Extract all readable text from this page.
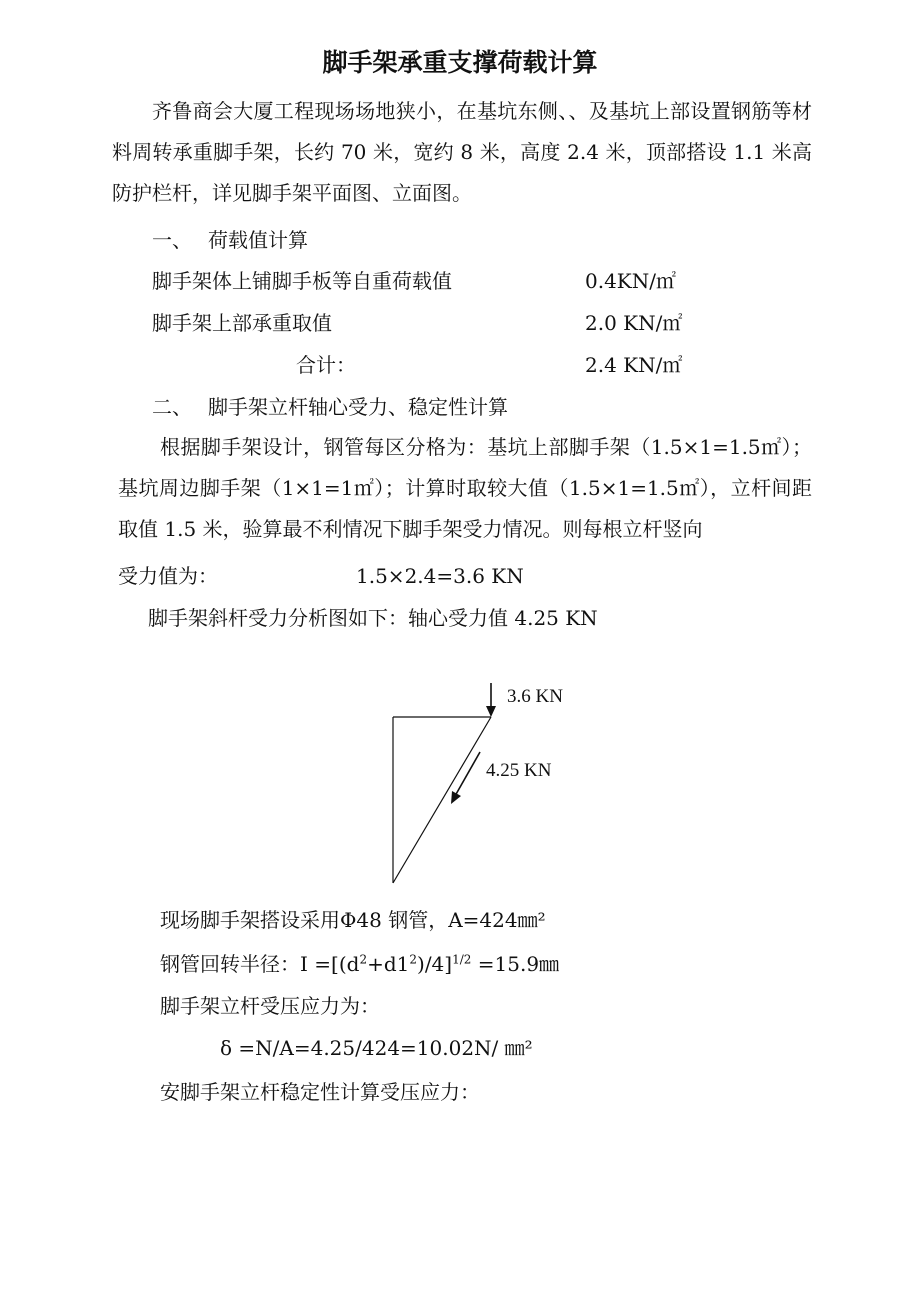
脚手架承重支撑荷载计算
齐鲁商会大厦工程现场场地狭小，在基坑东侧、、及基坑上部设置钢筋等材料周转承重脚手架，长约 70 米，宽约 8 米，高度 2.4 米，顶部搭设 1.1 米高防护栏杆，详见脚手架平面图、立面图。
一、 荷载值计算
脚手架体上铺脚手板等自重荷载值	0.4KN/㎡
脚手架上部承重取值	2.0 KN/㎡
合计：	2.4 KN/㎡
二、 脚手架立杆轴心受力、稳定性计算
根据脚手架设计，钢管每区分格为：基坑上部脚手架（1.5×1=1.5㎡）；基坑周边脚手架（1×1=1㎡）；计算时取较大值（1.5×1=1.5㎡），立杆间距取值 1.5 米，验算最不利情况下脚手架受力情况。则每根立杆竖向
受力值为：	1.5×2.4=3.6 KN
脚手架斜杆受力分析图如下：轴心受力值 4.25 KN
3.6 KN
4.25 KN
现场脚手架搭设采用Φ48 钢管，A=424㎜²
钢管回转半径：$I =[(d^2+d1^2)/4]^{1/2}$ =15.9㎜
脚手架立杆受压应力为：
δ =N/A=4.25/424=10.02N/ ㎜²
安脚手架立杆稳定性计算受压应力：
